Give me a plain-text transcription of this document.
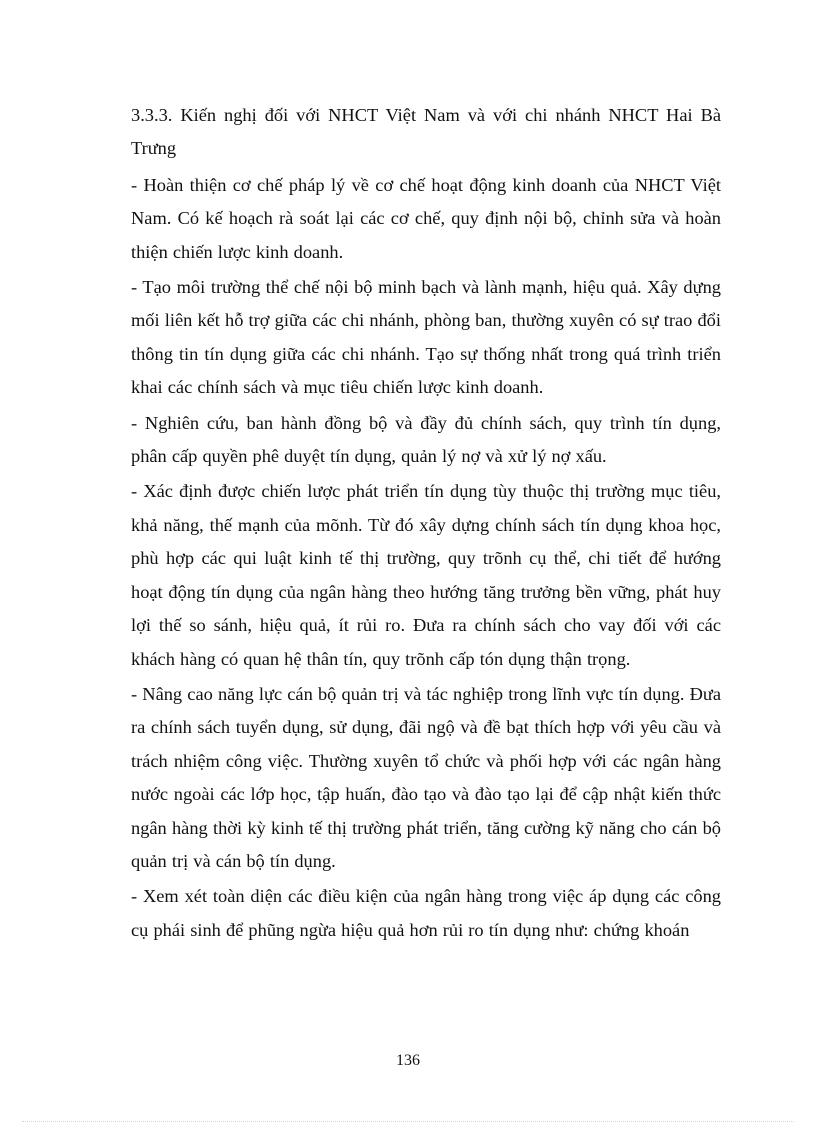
3.3.3. Kiến nghị đối với NHCT Việt Nam và với chi nhánh NHCT Hai Bà Trưng

- Hoàn thiện cơ chế pháp lý về cơ chế hoạt động kinh doanh của NHCT Việt Nam. Có kế hoạch rà soát lại các cơ chế, quy định nội bộ, chỉnh sửa và hoàn thiện chiến lược kinh doanh.

- Tạo môi trường thể chế nội bộ minh bạch và lành mạnh, hiệu quả. Xây dựng mối liên kết hỗ trợ giữa các chi nhánh, phòng ban, thường xuyên có sự trao đổi thông tin tín dụng giữa các chi nhánh. Tạo sự thống nhất trong quá trình triển khai các chính sách và mục tiêu chiến lược kinh doanh.

- Nghiên cứu, ban hành đồng bộ và đầy đủ chính sách, quy trình tín dụng, phân cấp quyền phê duyệt tín dụng, quản lý nợ và xử lý nợ xấu.

- Xác định được chiến lược phát triển tín dụng tùy thuộc thị trường mục tiêu, khả năng, thế mạnh của mõnh. Từ đó xây dựng chính sách tín dụng khoa học, phù hợp các qui luật kinh tế thị trường, quy trõnh cụ thể, chi tiết để hướng hoạt động tín dụng của ngân hàng theo hướng tăng trưởng bền vững, phát huy lợi thế so sánh, hiệu quả, ít rủi ro. Đưa ra chính sách cho vay đối với các khách hàng có quan hệ thân tín, quy trõnh cấp tón dụng thận trọng.

- Nâng cao năng lực cán bộ quản trị và tác nghiệp trong lĩnh vực tín dụng. Đưa ra chính sách tuyển dụng, sử dụng, đãi ngộ và đề bạt thích hợp với yêu cầu và trách nhiệm công việc. Thường xuyên tổ chức và phối hợp với các ngân hàng nước ngoài các lớp học, tập huấn, đào tạo và đào tạo lại để cập nhật kiến thức ngân hàng thời kỳ kinh tế thị trường phát triển, tăng cường kỹ năng cho cán bộ quản trị và cán bộ tín dụng.

- Xem xét toàn diện các điều kiện của ngân hàng trong việc áp dụng các công cụ phái sinh để phũng ngừa hiệu quả hơn rủi ro tín dụng như: chứng khoán

136
